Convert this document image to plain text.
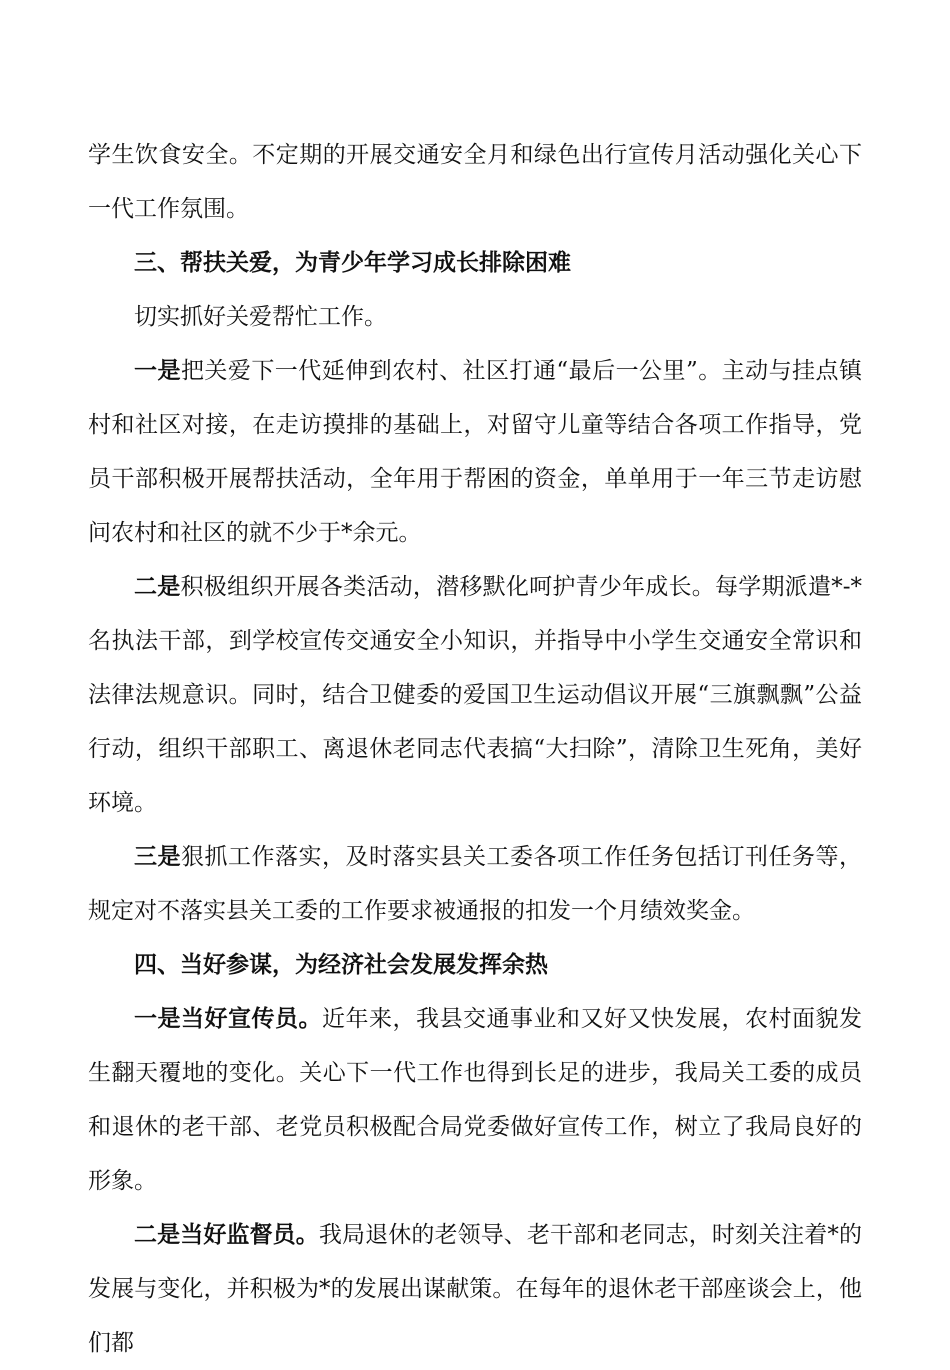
学生饮食安全。不定期的开展交通安全月和绿色出行宣传月活动强化关心下一代工作氛围。

三、帮扶关爱，为青少年学习成长排除困难

切实抓好关爱帮忙工作。

一是把关爱下一代延伸到农村、社区打通“最后一公里”。主动与挂点镇村和社区对接，在走访摸排的基础上，对留守儿童等结合各项工作指导，党员干部积极开展帮扶活动，全年用于帮困的资金，单单用于一年三节走访慰问农村和社区的就不少于*余元。

二是积极组织开展各类活动，潜移默化呵护青少年成长。每学期派遣*-*名执法干部，到学校宣传交通安全小知识，并指导中小学生交通安全常识和法律法规意识。同时，结合卫健委的爱国卫生运动倡议开展“三旗飘飘”公益行动，组织干部职工、离退休老同志代表搞“大扫除”，清除卫生死角，美好环境。

三是狠抓工作落实，及时落实县关工委各项工作任务包括订刊任务等，规定对不落实县关工委的工作要求被通报的扣发一个月绩效奖金。

四、当好参谋，为经济社会发展发挥余热

一是当好宣传员。近年来，我县交通事业和又好又快发展，农村面貌发生翻天覆地的变化。关心下一代工作也得到长足的进步，我局关工委的成员和退休的老干部、老党员积极配合局党委做好宣传工作，树立了我局良好的形象。

二是当好监督员。我局退休的老领导、老干部和老同志，时刻关注着*的发展与变化，并积极为*的发展出谋献策。在每年的退休老干部座谈会上，他们都
